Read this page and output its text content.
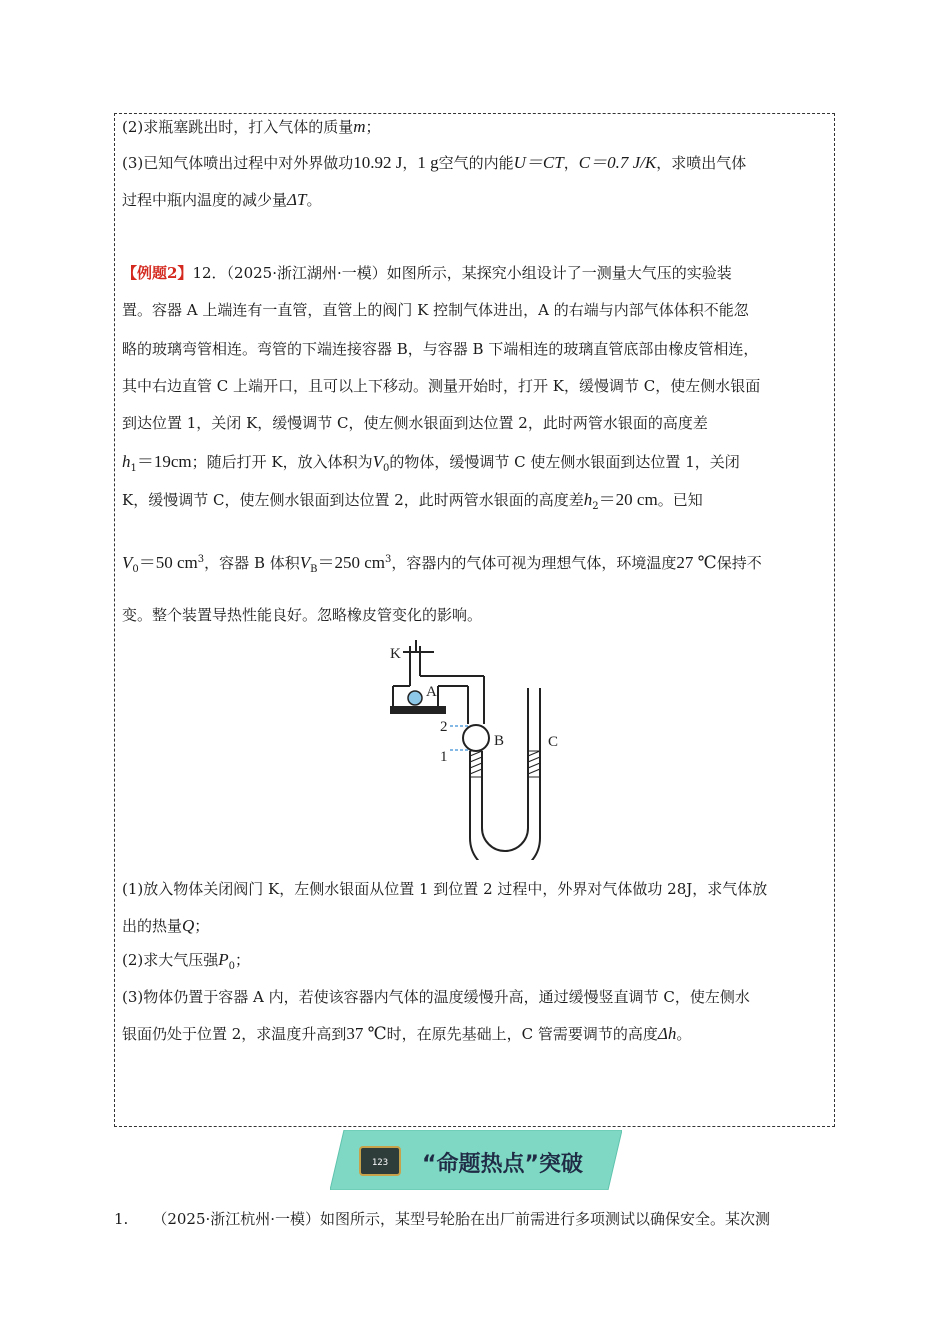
(2)求瓶塞跳出时，打入气体的质量m；
(3)已知气体喷出过程中对外界做功10.92 J，1 g空气的内能U＝CT，C＝0.7 J/K，求喷出气体
过程中瓶内温度的减少量ΔT。
【例题2】12．（2025·浙江湖州·一模）如图所示，某探究小组设计了一测量大气压的实验装
置。容器 A 上端连有一直管，直管上的阀门 K 控制气体进出，A 的右端与内部气体体积不能忽
略的玻璃弯管相连。弯管的下端连接容器 B，与容器 B 下端相连的玻璃直管底部由橡皮管相连，
其中右边直管 C 上端开口，且可以上下移动。测量开始时，打开 K，缓慢调节 C，使左侧水银面
到达位置 1，关闭 K，缓慢调节 C，使左侧水银面到达位置 2，此时两管水银面的高度差
$h_1=19cm$；随后打开 K，放入体积为$V_0$的物体，缓慢调节 C 使左侧水银面到达位置 1，关闭
K，缓慢调节 C，使左侧水银面到达位置 2，此时两管水银面的高度差$h_2=20$ cm。已知
$V_0=50$ $cm^3$，容器 B 体积$V_B=250$ $cm^3$，容器内的气体可视为理想气体，环境温度27 ℃保持不
变。整个装置导热性能良好。忽略橡皮管变化的影响。
K
A
B	C
2
1
(1)放入物体关闭阀门 K，左侧水银面从位置 1 到位置 2 过程中，外界对气体做功 28J，求气体放
出的热量Q；
(2)求大气压强$P_0$；
(3)物体仍置于容器 A 内，若使该容器内气体的温度缓慢升高，通过缓慢竖直调节 C，使左侧水
银面仍处于位置 2，求温度升高到37 ℃时，在原先基础上，C 管需要调节的高度Δh。
123 “命题热点”突破
1. （2025·浙江杭州·一模）如图所示，某型号轮胎在出厂前需进行多项测试以确保安全。某次测
